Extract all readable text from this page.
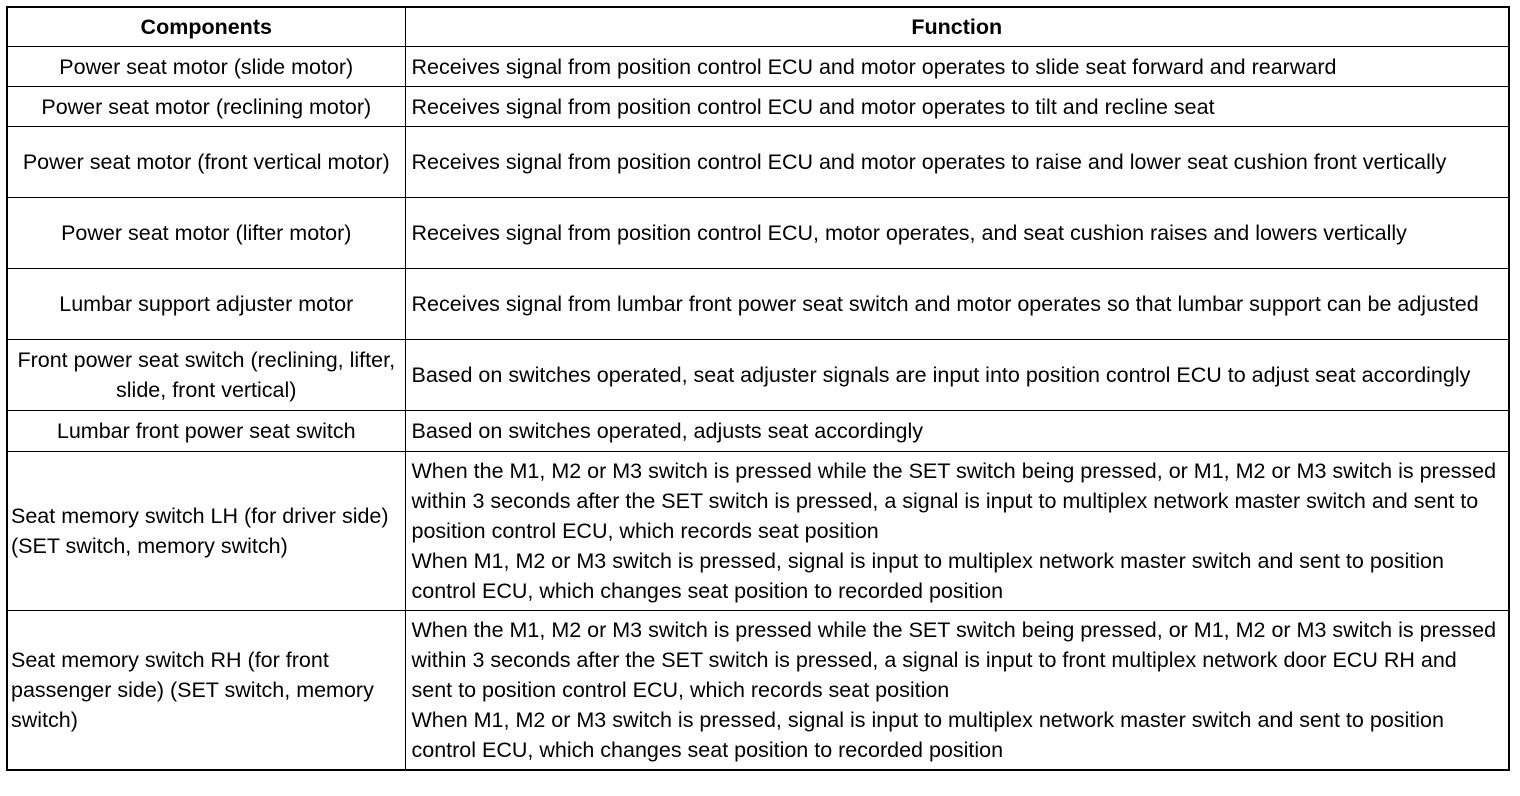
Components	Function
Power seat motor (slide motor)	Receives signal from position control ECU and motor operates to slide seat forward and rearward

Power seat motor (reclining motor)	Receives signal from position control ECU and motor operates to tilt and recline seat

Power seat motor (front vertical motor)	Receives signal from position control ECU and motor operates to raise and lower seat cushion front vertically

Power seat motor (lifter motor)	Receives signal from position control ECU, motor operates, and seat cushion raises and lowers vertically

Lumbar support adjuster motor	Receives signal from lumbar front power seat switch and motor operates so that lumbar support can be adjusted

Front power seat switch (reclining, lifter, slide, front vertical)	Based on switches operated, seat adjuster signals are input into position control ECU to adjust seat accordingly

Lumbar front power seat switch	Based on switches operated, adjusts seat accordingly

Seat memory switch LH (for driver side) (SET switch, memory switch)	When the M1, M2 or M3 switch is pressed while the SET switch being pressed, or M1, M2 or M3 switch is pressed within 3 seconds after the SET switch is pressed, a signal is input to multiplex network master switch and sent to position control ECU, which records seat position
When M1, M2 or M3 switch is pressed, signal is input to multiplex network master switch and sent to position control ECU, which changes seat position to recorded position

Seat memory switch RH (for front passenger side) (SET switch, memory switch)	When the M1, M2 or M3 switch is pressed while the SET switch being pressed, or M1, M2 or M3 switch is pressed within 3 seconds after the SET switch is pressed, a signal is input to front multiplex network door ECU RH and sent to position control ECU, which records seat position
When M1, M2 or M3 switch is pressed, signal is input to multiplex network master switch and sent to position control ECU, which changes seat position to recorded position
